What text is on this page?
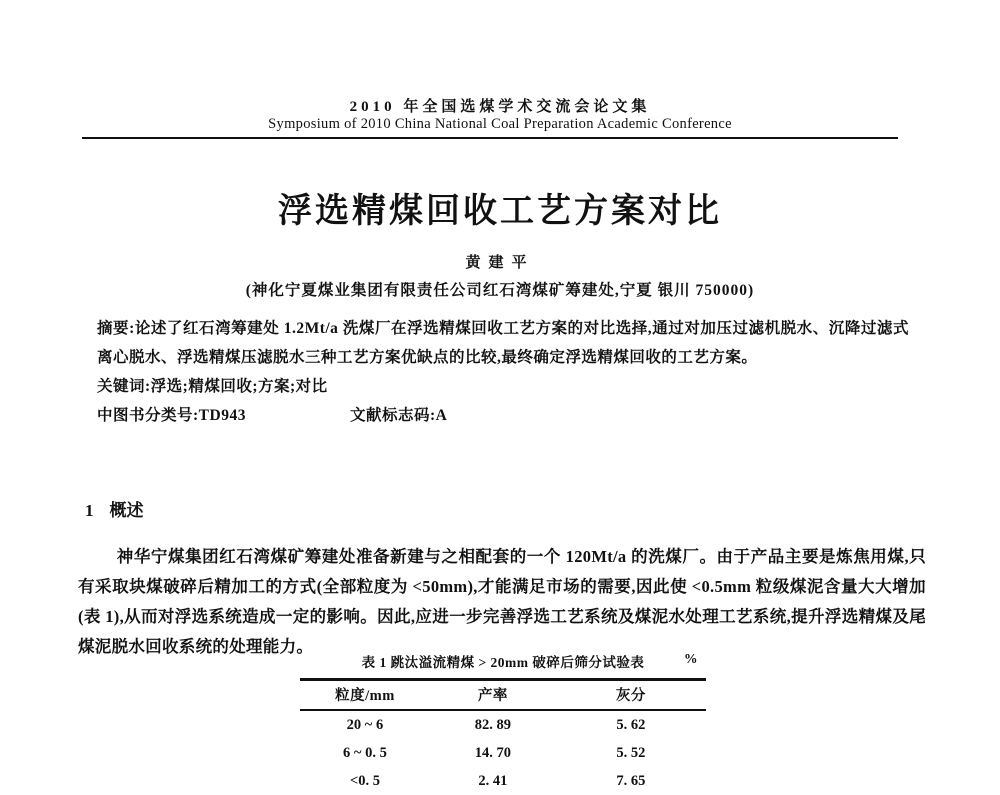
2010 年全国选煤学术交流会论文集
Symposium of 2010 China National Coal Preparation Academic Conference
浮选精煤回收工艺方案对比
黄建平
(神化宁夏煤业集团有限责任公司红石湾煤矿筹建处,宁夏 银川 750000)
摘要:论述了红石湾筹建处 1.2Mt/a 洗煤厂在浮选精煤回收工艺方案的对比选择,通过对加压过滤机脱水、沉降过滤式离心脱水、浮选精煤压滤脱水三种工艺方案优缺点的比较,最终确定浮选精煤回收的工艺方案。
关键词:浮选;精煤回收;方案;对比
中图书分类号:TD943	文献标志码:A
1 概述

神华宁煤集团红石湾煤矿筹建处准备新建与之相配套的一个 120Mt/a 的洗煤厂。由于产品主要是炼焦用煤,只有采取块煤破碎后精加工的方式(全部粒度为 <50mm),才能满足市场的需要,因此使 <0.5mm 粒级煤泥含量大大增加(表 1),从而对浮选系统造成一定的影响。因此,应进一步完善浮选工艺系统及煤泥水处理工艺系统,提升浮选精煤及尾煤泥脱水回收系统的处理能力。

表 1 跳汰溢流精煤 > 20mm 破碎后筛分试验表	%
粒度/mm	产率	灰分
20 ~ 6	82. 89	5. 62
6 ~ 0. 5	14. 70	5. 52
<0. 5	2. 41	7. 65
